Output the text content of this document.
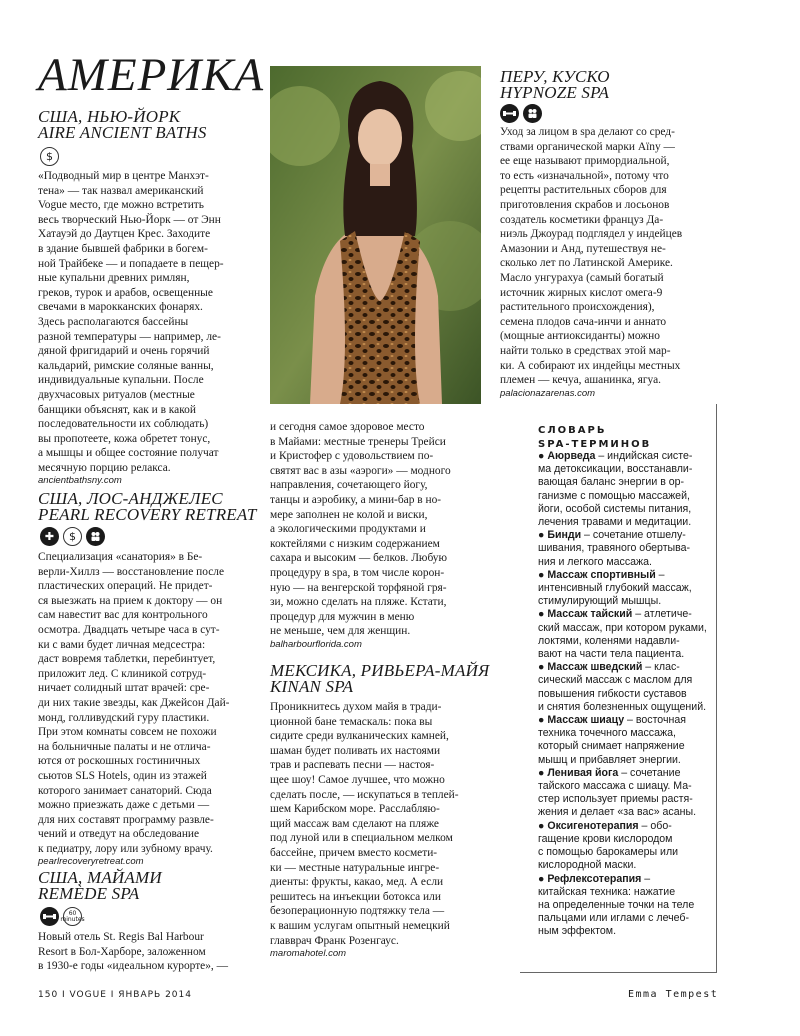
АМЕРИКА
США, НЬЮ-ЙОРК
AIRE ANCIENT BATHS
$
«Подводный мир в центре Манхэт-
тена» — так назвал американский
Vogue место, где можно встретить
весь творческий Нью-Йорк — от Энн
Хатауэй до Даутцен Крес. Заходите
в здание бывшей фабрики в богем-
ной Трайбеке — и попадаете в пещер-
ные купальни древних римлян,
греков, турок и арабов, освещенные
свечами в марокканских фонарях.
Здесь располагаются бассейны
разной температуры — например, ле-
дяной фригидарий и очень горячий
кальдарий, римские соляные ванны,
индивидуальные купальни. После
двухчасовых ритуалов (местные
банщики объяснят, как и в какой
последовательности их соблюдать)
вы пропотеете, кожа обретет тонус,
а мышцы и общее состояние получат
месячную порцию релакса.

ancientbathsny.com

США, ЛОС-АНДЖЕЛЕС
PEARL RECOVERY RETREAT
✚	$
Специализация «санатория» в Бе-
верли-Хиллз — восстановление после
пластических операций. Не придет-
ся выезжать на прием к доктору — он
сам навестит вас для контрольного
осмотра. Двадцать четыре часа в сут-
ки с вами будет личная медсестра:
даст вовремя таблетки, перебинтует,
приложит лед. С клиникой сотруд-
ничает солидный штат врачей: сре-
ди них такие звезды, как Джейсон Дай-
монд, голливудский гуру пластики.
При этом комнаты совсем не похожи
на больничные палаты и не отлича-
ются от роскошных гостиничных
сьютов SLS Hotels, один из этажей
которого занимает санаторий. Сюда
можно приезжать даже с детьми —
для них составят программу развле-
чений и отведут на обследование
к педиатру, лору или зубному врачу.

pearlrecoveryretreat.com

США, МАЙАМИ
REMÈDE SPA
60 minutes
Новый отель St. Regis Bal Harbour
Resort в Бол-Харборе, заложенном
в 1930-е годы «идеальном курорте», —
и сегодня самое здоровое место
в Майами: местные тренеры Трейси
и Кристофер с удовольствием по-
святят вас в азы «аэроги» — модного
направления, сочетающего йогу,
танцы и аэробику, а мини-бар в но-
мере заполнен не колой и виски,
а экологическими продуктами и
коктейлями с низким содержанием
сахара и высоким — белков. Любую
процедуру в spa, в том числе корон-
ную — на венгерской торфяной гря-
зи, можно сделать на пляже. Кстати,
процедур для мужчин в меню
не меньше, чем для женщин.

balharbourflorida.com

МЕКСИКА, РИВЬЕРА-МАЙЯ
KINAN SPA
Проникнитесь духом майя в тради-
ционной бане темаскаль: пока вы
сидите среди вулканических камней,
шаман будет поливать их настоями
трав и распевать песни — настоя-
щее шоу! Самое лучшее, что можно
сделать после, — искупаться в теплей-
шем Карибском море. Расслабляю-
щий массаж вам сделают на пляже
под луной или в специальном мелком
бассейне, причем вместо космети-
ки — местные натуральные ингре-
диенты: фрукты, какао, мед. А если
решитесь на инъекции ботокса или
безоперационную подтяжку тела —
к вашим услугам опытный немецкий
главврач Франк Розенгаус.

maromahotel.com

ПЕРУ, КУСКО
HYPNOZE SPA
Уход за лицом в spa делают со сред-
ствами органической марки Aïny —
ее еще называют примордиальной,
то есть «изначальной», потому что
рецепты растительных сборов для
приготовления скрабов и лосьонов
создатель косметики француз Да-
ниэль Джоурад подглядел у индейцев
Амазонии и Анд, путешествуя не-
сколько лет по Латинской Америке.
Масло унгурахуа (самый богатый
источник жирных кислот омега-9
растительного происхождения),
семена плодов сача-инчи и аннато
(мощные антиоксиданты) можно
найти только в средствах этой мар-
ки. А собирают их индейцы местных
племен — кечуа, ашанинка, ягуа.

palacionazarenas.com

СЛОВАРЬ
SPA-ТЕРМИНОВ
● Аюрведа – индийская систе-
ма детоксикации, восстанавли-
вающая баланс энергии в ор-
ганизме с помощью массажей,
йоги, особой системы питания,
лечения травами и медитации.
● Бинди – сочетание отшелу-
шивания, травяного обертыва-
ния и легкого массажа.
● Массаж спортивный –
интенсивный глубокий массаж,
стимулирующий мышцы.
● Массаж тайский – атлетиче-
ский массаж, при котором руками,
локтями, коленями надавли-
вают на части тела пациента.
● Массаж шведский – клас-
сический массаж с маслом для
повышения гибкости суставов
и снятия болезненных ощущений.
● Массаж шиацу – восточная
техника точечного массажа,
который снимает напряжение
мышц и прибавляет энергии.
● Ленивая йога – сочетание
тайского массажа с шиацу. Ма-
стер использует приемы растя-
жения и делает «за вас» асаны.
● Оксигенотерапия – обо-
гащение крови кислородом
с помощью барокамеры или
кислородной маски.
● Рефлексотерапия –
китайская техника: нажатие
на определенные точки на теле
пальцами или иглами с лечеб-
ным эффектом.
150 I VOGUE I ЯНВАРЬ 2014	Emma Tempest
